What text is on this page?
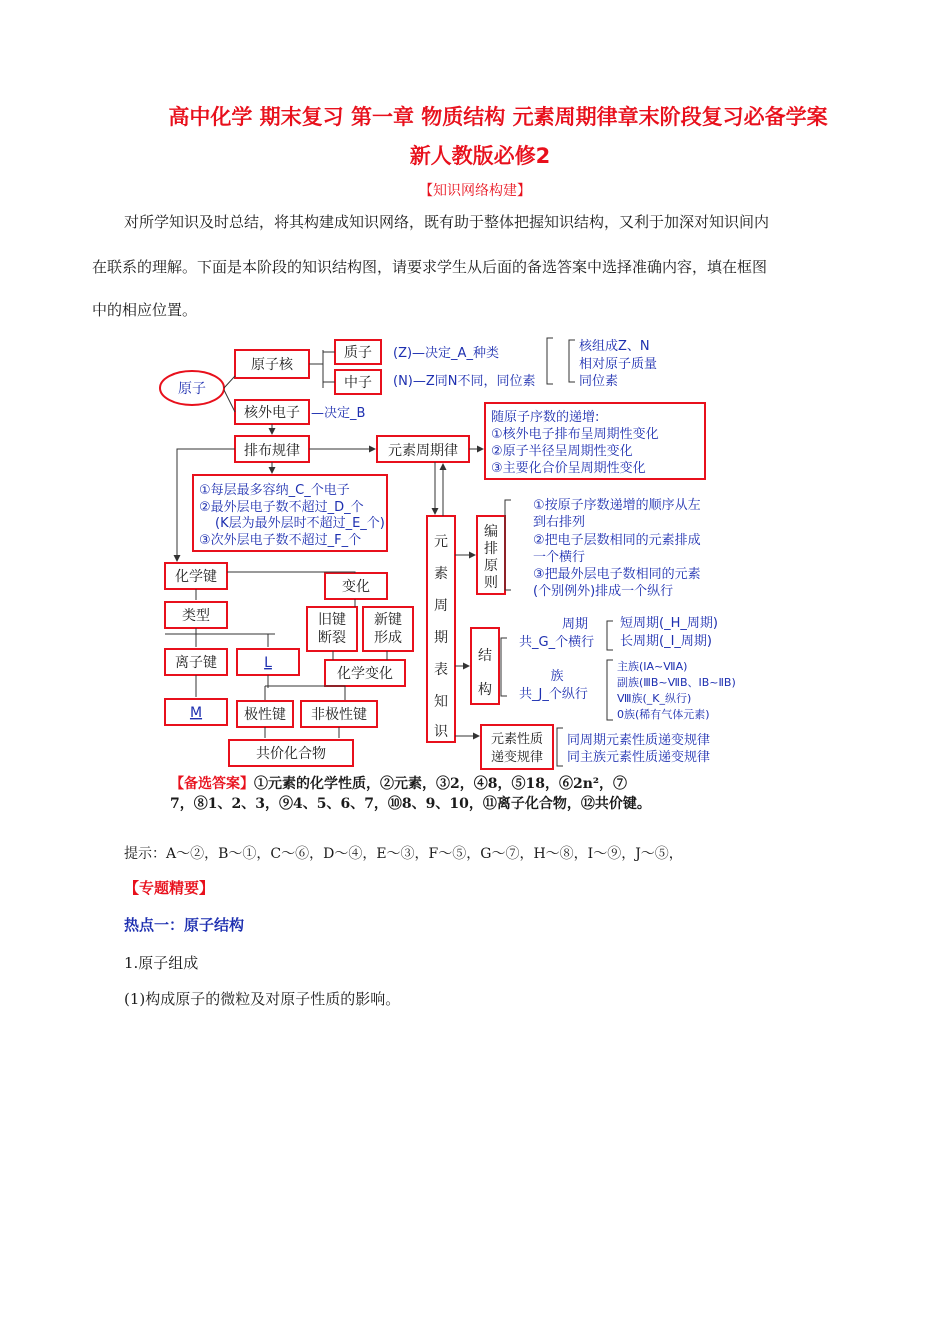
高中化学 期末复习 第一章 物质结构 元素周期律章末阶段复习必备学案
新人教版必修2
【知识网络构建】
对所学知识及时总结，将其构建成知识网络，既有助于整体把握知识结构，又利于加深对知识间内
在联系的理解。下面是本阶段的知识结构图，请要求学生从后面的备选答案中选择准确内容，填在框图
中的相应位置。
原子
原子核
质子
中子
(Z)—决定_A_种类
(N)—Z同N不同，同位素
核组成Z、N
相对原子质量
同位素
核外电子 —决定_B
排布规律	元素周期律
随原子序数的递增:
①核外电子排布呈周期性变化
②原子半径呈周期性变化
③主要化合价呈周期性变化
①每层最多容纳_C_个电子
②最外层电子数不超过_D_个
(K层为最外层时不超过_E_个)
③次外层电子数不超过_F_个	元
素
周
期
表
知
识
编
排
原
则
①按原子序数递增的顺序从左
到右排列
②把电子层数相同的元素排成
一个横行
③把最外层电子数相同的元素
(个别例外)排成一个纵行
化学键
变化
类型	旧键
断裂
新键
形成
化学变化
离子键	L
M	极性键 非极性键
共价化合物
结
构
周期
共_G_个横行
短周期(_H_周期)
长周期(_I_周期)
族
共_J_个纵行
主族(ⅠA~ⅦA)
副族(ⅢB~ⅦB、ⅠB~ⅡB)
Ⅷ族(_K_纵行)
0族(稀有气体元素)
元素性质
递变规律
同周期元素性质递变规律
同主族元素性质递变规律
【备选答案】①元素的化学性质，②元素，③2，④8，⑤18，⑥2n²，⑦
7，⑧1、2、3，⑨4、5、6、7，⑩8、9、10，⑪离子化合物，⑫共价键。
提示：A～②，B～①，C～⑥，D～④，E～③，F～⑤，G～⑦，H～⑧，I～⑨，J～⑤，
【专题精要】
热点一：原子结构
1.原子组成
(1)构成原子的微粒及对原子性质的影响。
